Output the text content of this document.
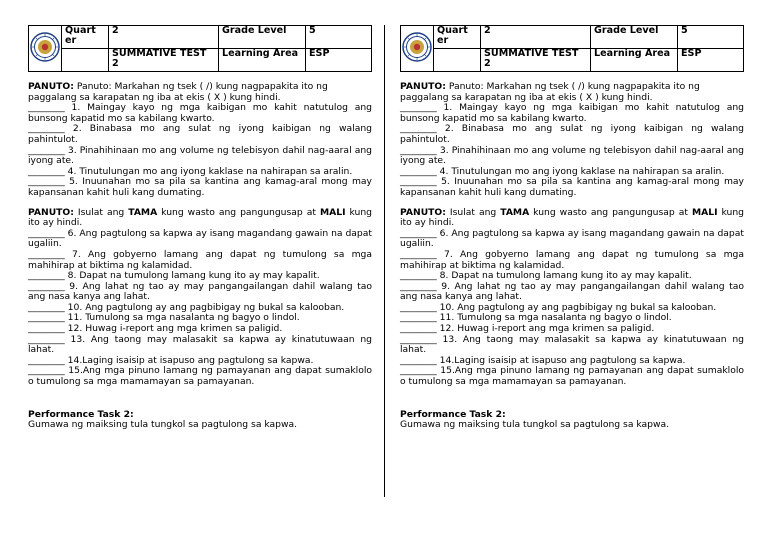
	Quart er	2	Grade Level	5
		SUMMATIVE TEST 2	Learning Area	ESP

PANUTO: Panuto: Markahan ng tsek ( /) kung nagpapakita ito ng paggalang sa karapatan ng iba at ekis ( X ) kung hindi.

________ 1. Maingay kayo ng mga kaibigan mo kahit natutulog ang bunsong kapatid mo sa kabilang kwarto.

________ 2. Binabasa mo ang sulat ng iyong kaibigan ng walang pahintulot.

________ 3. Pinahihinaan mo ang volume ng telebisyon dahil nag-aaral ang iyong ate.

________ 4. Tinutulungan mo ang iyong kaklase na nahirapan sa aralin.

________ 5. Inuunahan mo sa pila sa kantina ang kamag-aral mong may kapansanan kahit huli kang dumating.

PANUTO: Isulat ang TAMA kung wasto ang pangungusap at MALI kung ito ay hindi.

________ 6. Ang pagtulong sa kapwa ay isang magandang gawain na dapat ugaliin.

________ 7. Ang gobyerno lamang ang dapat ng tumulong sa mga mahihirap at biktima ng kalamidad.

________ 8. Dapat na tumulong lamang kung ito ay may kapalit.

________ 9. Ang lahat ng tao ay may pangangailangan dahil walang tao ang nasa kanya ang lahat.

________ 10. Ang pagtulong ay ang pagbibigay ng bukal sa kalooban.

________ 11. Tumulong sa mga nasalanta ng bagyo o lindol.

________ 12. Huwag i-report ang mga krimen sa paligid.

________ 13. Ang taong may malasakit sa kapwa ay kinatutuwaan ng lahat.

________ 14.Laging isaisip at isapuso ang pagtulong sa kapwa.

________ 15.Ang mga pinuno lamang ng pamayanan ang dapat sumaklolo o tumulong sa mga mamamayan sa pamayanan.

Performance Task 2:

Gumawa ng maiksing tula tungkol sa pagtulong sa kapwa.

	Quart er	2	Grade Level	5
		SUMMATIVE TEST 2	Learning Area	ESP

PANUTO: Panuto: Markahan ng tsek ( /) kung nagpapakita ito ng paggalang sa karapatan ng iba at ekis ( X ) kung hindi.

________ 1. Maingay kayo ng mga kaibigan mo kahit natutulog ang bunsong kapatid mo sa kabilang kwarto.

________ 2. Binabasa mo ang sulat ng iyong kaibigan ng walang pahintulot.

________ 3. Pinahihinaan mo ang volume ng telebisyon dahil nag-aaral ang iyong ate.

________ 4. Tinutulungan mo ang iyong kaklase na nahirapan sa aralin.

________ 5. Inuunahan mo sa pila sa kantina ang kamag-aral mong may kapansanan kahit huli kang dumating.

PANUTO: Isulat ang TAMA kung wasto ang pangungusap at MALI kung ito ay hindi.

________ 6. Ang pagtulong sa kapwa ay isang magandang gawain na dapat ugaliin.

________ 7. Ang gobyerno lamang ang dapat ng tumulong sa mga mahihirap at biktima ng kalamidad.

________ 8. Dapat na tumulong lamang kung ito ay may kapalit.

________ 9. Ang lahat ng tao ay may pangangailangan dahil walang tao ang nasa kanya ang lahat.

________ 10. Ang pagtulong ay ang pagbibigay ng bukal sa kalooban.

________ 11. Tumulong sa mga nasalanta ng bagyo o lindol.

________ 12. Huwag i-report ang mga krimen sa paligid.

________ 13. Ang taong may malasakit sa kapwa ay kinatutuwaan ng lahat.

________ 14.Laging isaisip at isapuso ang pagtulong sa kapwa.

________ 15.Ang mga pinuno lamang ng pamayanan ang dapat sumaklolo o tumulong sa mga mamamayan sa pamayanan.

Performance Task 2:

Gumawa ng maiksing tula tungkol sa pagtulong sa kapwa.
